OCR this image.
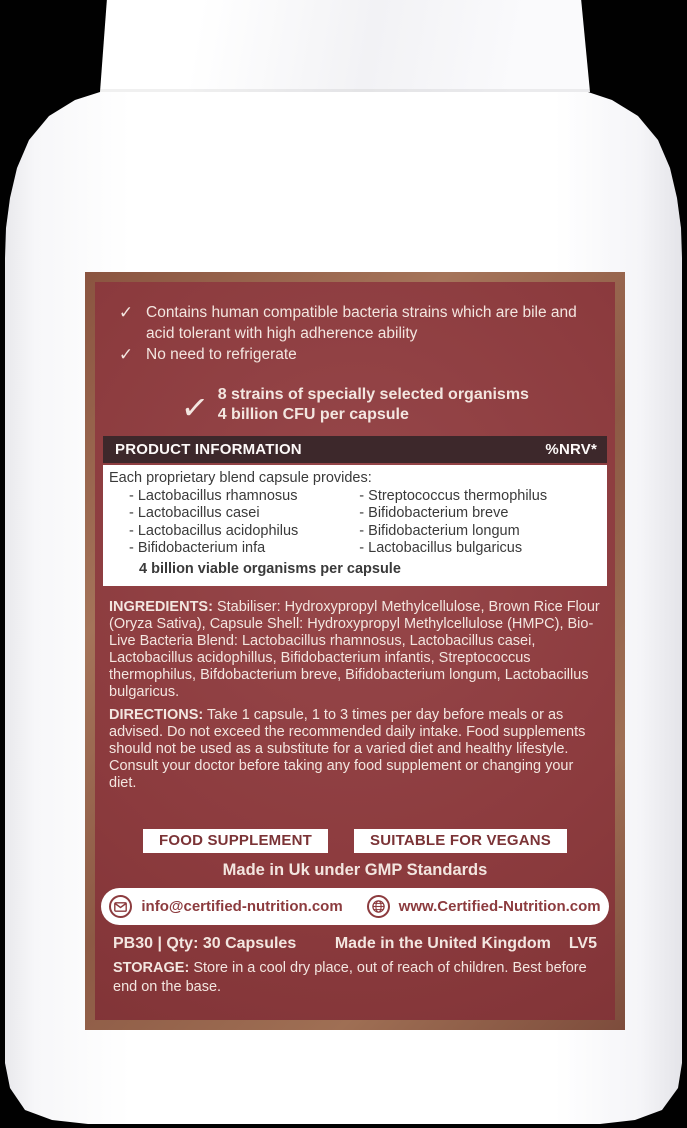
✓ Contains human compatible bacteria strains which are bile and acid tolerant with high adherence ability
✓ No need to refrigerate
✓ 8 strains of specially selected organisms
4 billion CFU per capsule
PRODUCT INFORMATION	%NRV*
Each proprietary blend capsule provides:
- Lactobacillus rhamnosus
- Lactobacillus casei
- Lactobacillus acidophilus
- Bifidobacterium infa
- Streptococcus thermophilus
- Bifidobacterium breve
- Bifidobacterium longum
- Lactobacillus bulgaricus
4 billion viable organisms per capsule

INGREDIENTS: Stabiliser: Hydroxypropyl Methylcellulose, Brown Rice Flour (Oryza Sativa), Capsule Shell: Hydroxypropyl Methylcellulose (HMPC), Bio-Live Bacteria Blend: Lactobacillus rhamnosus, Lactobacillus casei, Lactobacillus acidophillus, Bifidobacterium infantis, Streptococcus thermophilus, Bifdobacterium breve, Bifidobacterium longum, Lactobacillus bulgaricus.

DIRECTIONS: Take 1 capsule, 1 to 3 times per day before meals or as advised. Do not exceed the recommended daily intake. Food supplements should not be used as a substitute for a varied diet and healthy lifestyle. Consult your doctor before taking any food supplement or changing your diet.

FOOD SUPPLEMENT	SUITABLE FOR VEGANS
Made in Uk under GMP Standards
info@certified-nutrition.com	www.Certified-Nutrition.com
PB30 | Qty: 30 Capsules Made in the United Kingdom LV5

STORAGE: Store in a cool dry place, out of reach of children. Best before end on the base.
